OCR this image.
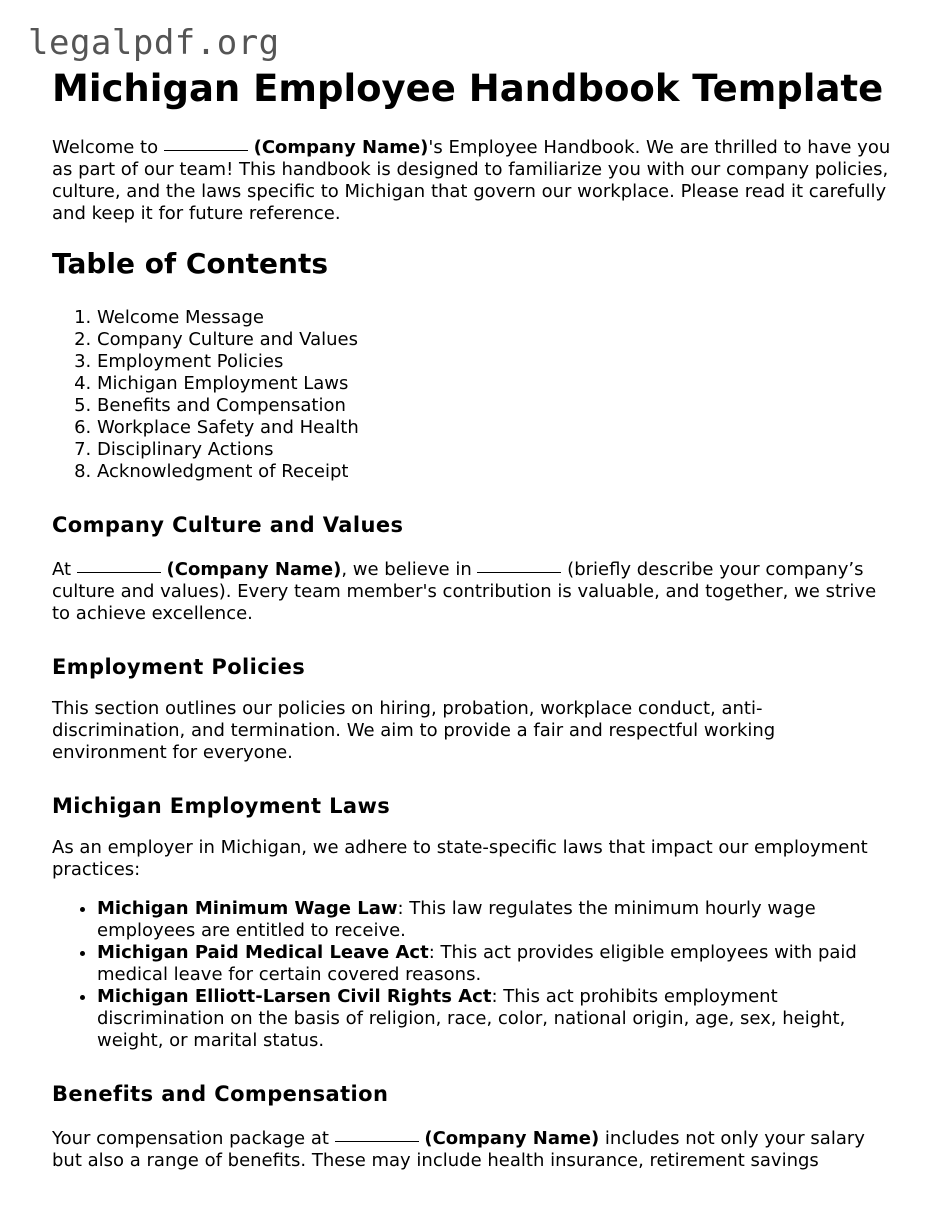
legalpdf.org
Michigan Employee Handbook Template

Welcome to	(Company Name)'s Employee Handbook. We are thrilled to have you as part of our team! This handbook is designed to familiarize you with our company policies, culture, and the laws specific to Michigan that govern our workplace. Please read it carefully and keep it for future reference.

Table of Contents
1. Welcome Message
2. Company Culture and Values
3. Employment Policies
4. Michigan Employment Laws
5. Benefits and Compensation
6. Workplace Safety and Health
7. Disciplinary Actions
8. Acknowledgment of Receipt
Company Culture and Values

At	(Company Name), we believe in	(briefly describe your company’s culture and values). Every team member's contribution is valuable, and together, we strive to achieve excellence.

Employment Policies

This section outlines our policies on hiring, probation, workplace conduct, anti-discrimination, and termination. We aim to provide a fair and respectful working environment for everyone.

Michigan Employment Laws

As an employer in Michigan, we adhere to state-specific laws that impact our employment practices:

• Michigan Minimum Wage Law: This law regulates the minimum hourly wage employees are entitled to receive.
• Michigan Paid Medical Leave Act: This act provides eligible employees with paid medical leave for certain covered reasons.
• Michigan Elliott-Larsen Civil Rights Act: This act prohibits employment discrimination on the basis of religion, race, color, national origin, age, sex, height, weight, or marital status.
Benefits and Compensation

Your compensation package at	(Company Name) includes not only your salary but also a range of benefits. These may include health insurance, retirement savings
